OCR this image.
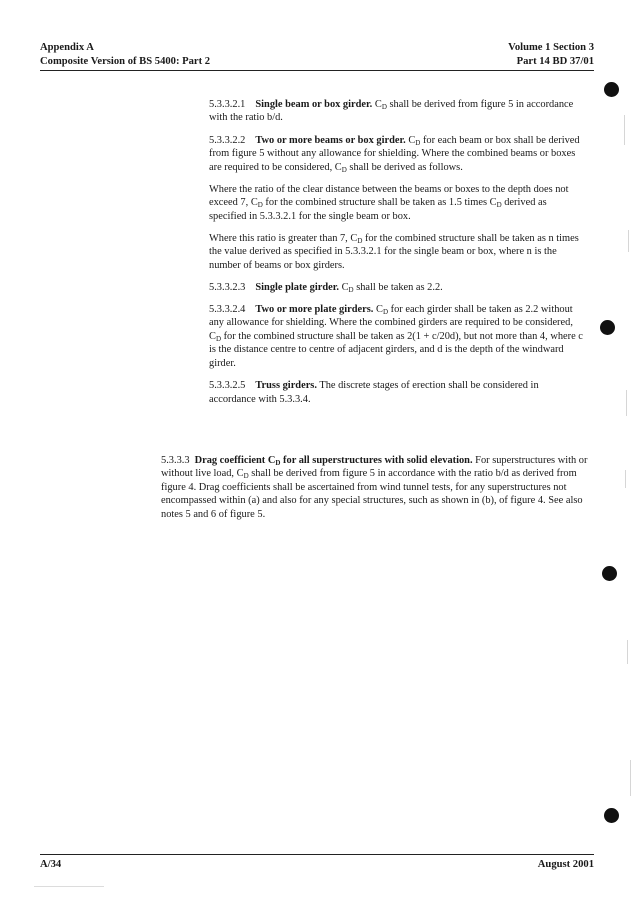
Appendix A
Composite Version of BS 5400: Part 2
Volume 1 Section 3
Part 14 BD 37/01

5.3.3.2.1 Single beam or box girder. $C_D$ shall be derived from figure 5 in accordance with the ratio b/d.

5.3.3.2.2 Two or more beams or box girder. $C_D$ for each beam or box shall be derived from figure 5 without any allowance for shielding. Where the combined beams or boxes are required to be considered, $C_D$ shall be derived as follows.

Where the ratio of the clear distance between the beams or boxes to the depth does not exceed 7, $C_D$ for the combined structure shall be taken as 1.5 times $C_D$ derived as specified in 5.3.3.2.1 for the single beam or box.

Where this ratio is greater than 7, $C_D$ for the combined structure shall be taken as n times the value derived as specified in 5.3.3.2.1 for the single beam or box, where n is the number of beams or box girders.

5.3.3.2.3 Single plate girder. $C_D$ shall be taken as 2.2.

5.3.3.2.4 Two or more plate girders. $C_D$ for each girder shall be taken as 2.2 without any allowance for shielding. Where the combined girders are required to be considered, $C_D$ for the combined structure shall be taken as 2(1 + c/20d), but not more than 4, where c is the distance centre to centre of adjacent girders, and d is the depth of the windward girder.

5.3.3.2.5 Truss girders. The discrete stages of erection shall be considered in accordance with 5.3.3.4.

5.3.3.3 Drag coefficient $C_D$ for all superstructures with solid elevation. For superstructures with or without live load, $C_D$ shall be derived from figure 5 in accordance with the ratio b/d as derived from figure 4. Drag coefficients shall be ascertained from wind tunnel tests, for any superstructures not encompassed within (a) and also for any special structures, such as shown in (b), of figure 4. See also notes 5 and 6 of figure 5.

A/34	August 2001
